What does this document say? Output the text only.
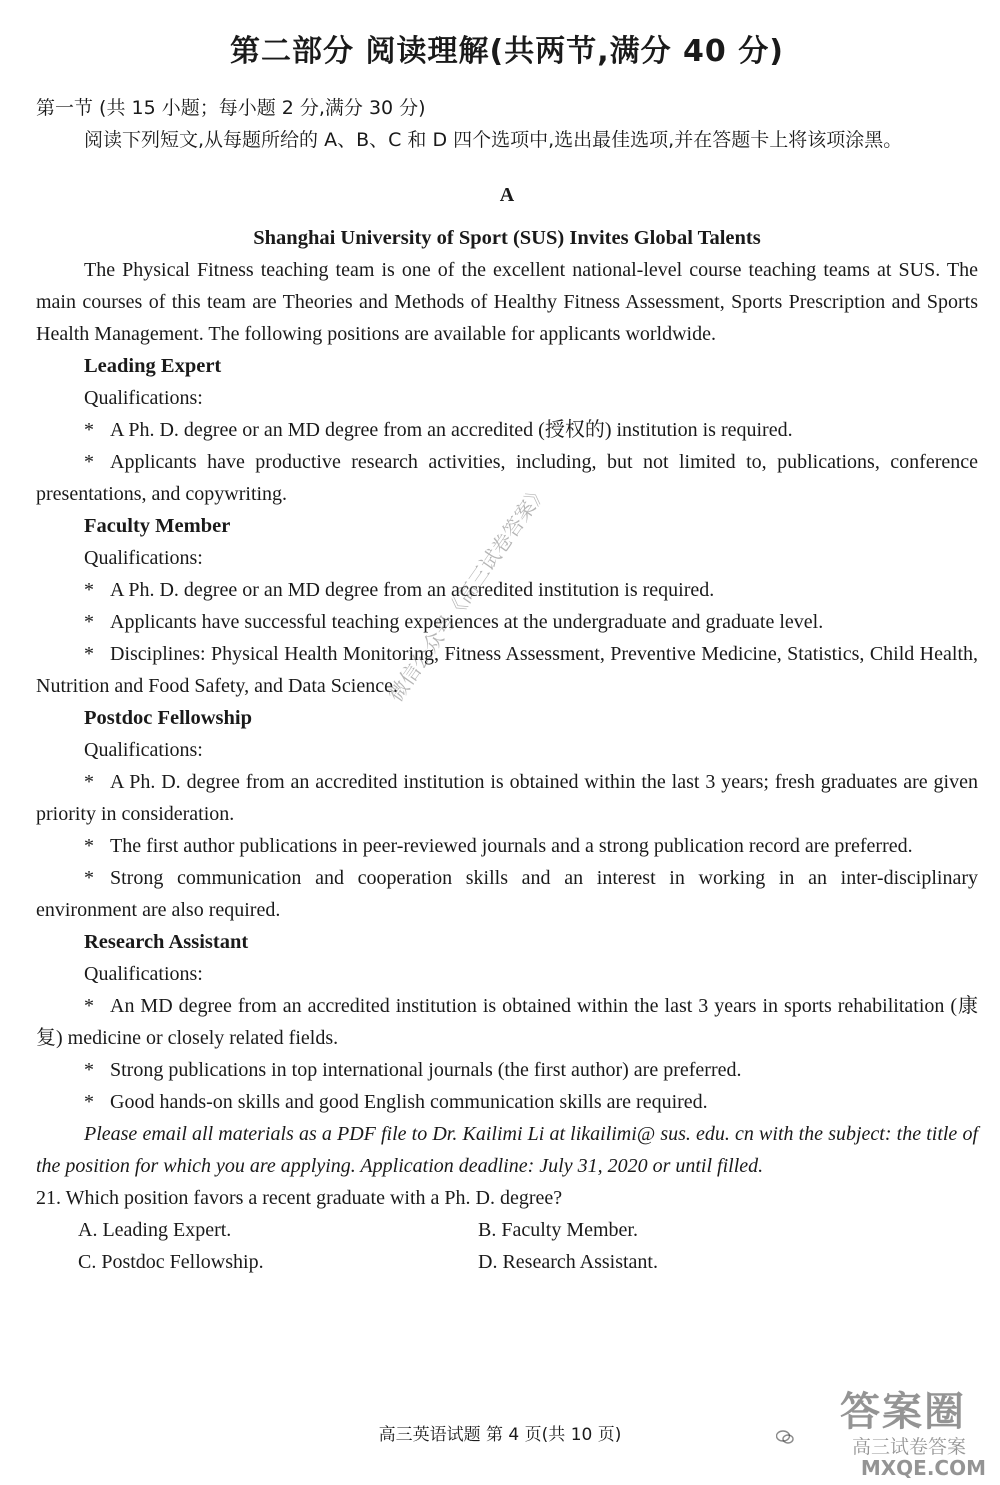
第二部分 阅读理解(共两节,满分 40 分)
第一节 (共 15 小题；每小题 2 分,满分 30 分)
阅读下列短文,从每题所给的 A、B、C 和 D 四个选项中,选出最佳选项,并在答题卡上将该项涂黑。
A
Shanghai University of Sport (SUS) Invites Global Talents

The Physical Fitness teaching team is one of the excellent national-level course teaching teams at SUS. The main courses of this team are Theories and Methods of Healthy Fitness Assessment, Sports Prescription and Sports Health Management. The following positions are available for applicants worldwide.

Leading Expert
Qualifications:

* A Ph. D. degree or an MD degree from an accredited (授权的) institution is required.

* Applicants have productive research activities, including, but not limited to, publications, conference presentations, and copywriting.

Faculty Member
Qualifications:

* A Ph. D. degree or an MD degree from an accredited institution is required.

* Applicants have successful teaching experiences at the undergraduate and graduate level.

* Disciplines: Physical Health Monitoring, Fitness Assessment, Preventive Medicine, Statistics, Child Health, Nutrition and Food Safety, and Data Science.

Postdoc Fellowship
Qualifications:

* A Ph. D. degree from an accredited institution is obtained within the last 3 years; fresh graduates are given priority in consideration.

* The first author publications in peer-reviewed journals and a strong publication record are preferred.

* Strong communication and cooperation skills and an interest in working in an inter-disciplinary environment are also required.

Research Assistant
Qualifications:

* An MD degree from an accredited institution is obtained within the last 3 years in sports rehabilitation (康复) medicine or closely related fields.

* Strong publications in top international journals (the first author) are preferred.

* Good hands-on skills and good English communication skills are required.

Please email all materials as a PDF file to Dr. Kailimi Li at likailimi@ sus. edu. cn with the subject: the title of the position for which you are applying. Application deadline: July 31, 2020 or until filled.

21. Which position favors a recent graduate with a Ph. D. degree?
A. Leading Expert.	B. Faculty Member.
C. Postdoc Fellowship.	D. Research Assistant.
微信公众号《高三试卷答案》
高三英语试题 第 4 页(共 10 页)	答案圈
高三试卷答案
MXQE.COM
